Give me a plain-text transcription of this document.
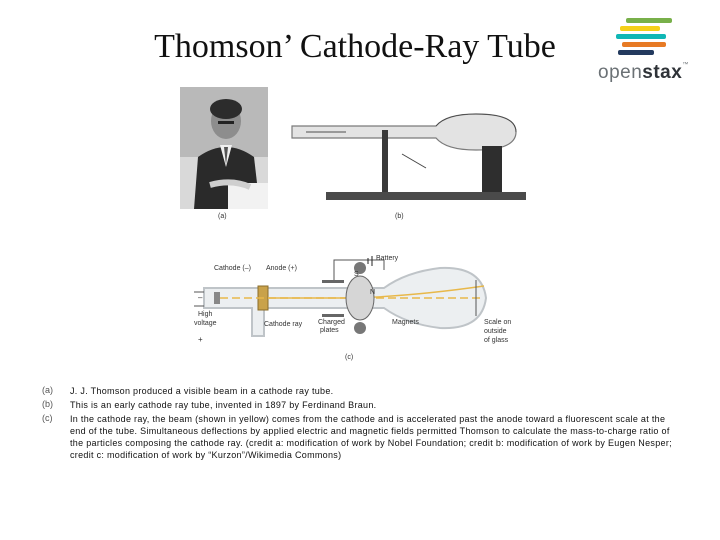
Thomson’ Cathode-Ray Tube
openstax™
(a)	(b)
Cathode (–) Anode (+)
Battery
S
N
–
+
High
voltage	Cathode ray Charged
plates
Magnets	Scale on
outside
of glass
(c)
(a)	J. J. Thomson produced a visible beam in a cathode ray tube.
(b)	This is an early cathode ray tube, invented in 1897 by Ferdinand Braun.
(c)	In the cathode ray, the beam (shown in yellow) comes from the cathode and is accelerated past the anode toward a fluorescent scale at the end of the tube. Simultaneous deflections by applied electric and magnetic fields permitted Thomson to calculate the mass-to-charge ratio of the particles composing the cathode ray. (credit a: modification of work by Nobel Foundation; credit b: modification of work by Eugen Nesper; credit c: modification of work by “Kurzon”/Wikimedia Commons)
